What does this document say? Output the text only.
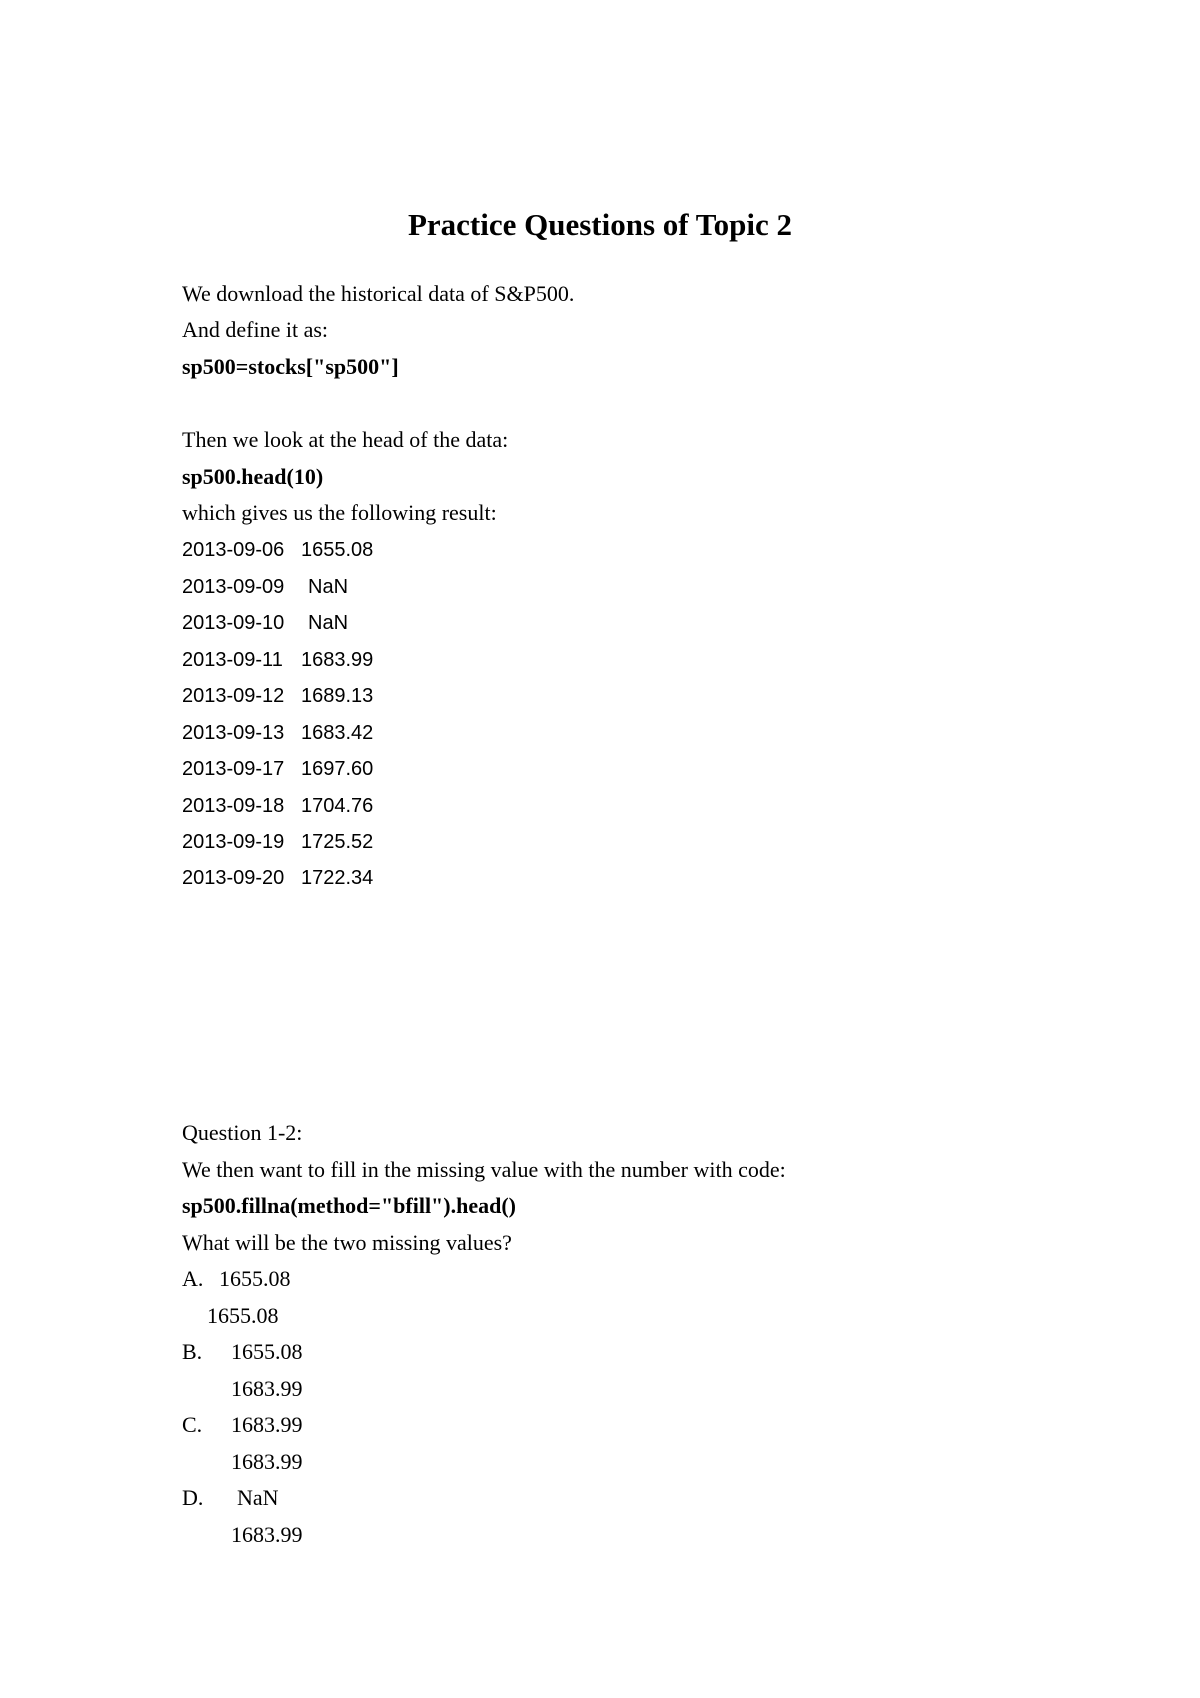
Practice Questions of Topic 2
We download the historical data of S&P500.
And define it as:
sp500=stocks["sp500"]
Then we look at the head of the data:
sp500.head(10)
which gives us the following result:
2013-09-06 1655.08
2013-09-09 NaN
2013-09-10 NaN
2013-09-11 1683.99
2013-09-12 1689.13
2013-09-13 1683.42
2013-09-17 1697.60
2013-09-18 1704.76
2013-09-19 1725.52
2013-09-20 1722.34
Question 1-2:
We then want to fill in the missing value with the number with code:
sp500.fillna(method="bfill").head()
What will be the two missing values?
A. 1655.08
1655.08
B. 1655.08
1683.99
C. 1683.99
1683.99
D. NaN
1683.99
